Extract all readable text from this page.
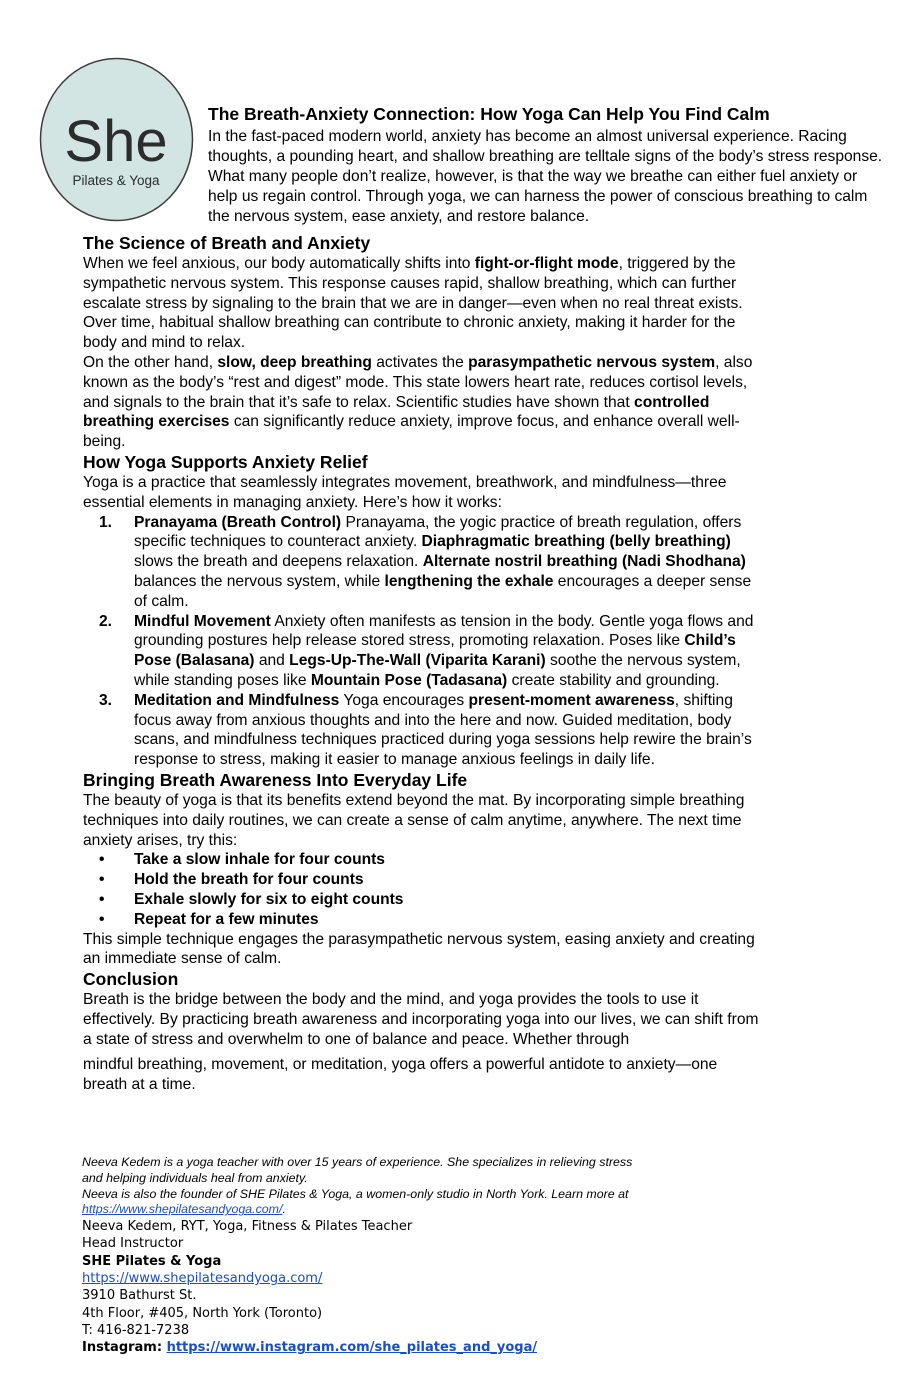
She
Pilates & Yoga
The Breath-Anxiety Connection: How Yoga Can Help You Find Calm

In the fast-paced modern world, anxiety has become an almost universal experience. Racing thoughts, a pounding heart, and shallow breathing are telltale signs of the body’s stress response. What many people don’t realize, however, is that the way we breathe can either fuel anxiety or help us regain control. Through yoga, we can harness the power of conscious breathing to calm the nervous system, ease anxiety, and restore balance.

The Science of Breath and Anxiety

When we feel anxious, our body automatically shifts into fight-or-flight mode, triggered by the sympathetic nervous system. This response causes rapid, shallow breathing, which can further escalate stress by signaling to the brain that we are in danger—even when no real threat exists. Over time, habitual shallow breathing can contribute to chronic anxiety, making it harder for the body and mind to relax.

On the other hand, slow, deep breathing activates the parasympathetic nervous system, also known as the body’s “rest and digest” mode. This state lowers heart rate, reduces cortisol levels, and signals to the brain that it’s safe to relax. Scientific studies have shown that controlled breathing exercises can significantly reduce anxiety, improve focus, and enhance overall well-being.

How Yoga Supports Anxiety Relief

Yoga is a practice that seamlessly integrates movement, breathwork, and mindfulness—three essential elements in managing anxiety. Here’s how it works:

1. Pranayama (Breath Control) Pranayama, the yogic practice of breath regulation, offers specific techniques to counteract anxiety. Diaphragmatic breathing (belly breathing) slows the breath and deepens relaxation. Alternate nostril breathing (Nadi Shodhana) balances the nervous system, while lengthening the exhale encourages a deeper sense of calm.
2. Mindful Movement Anxiety often manifests as tension in the body. Gentle yoga flows and grounding postures help release stored stress, promoting relaxation. Poses like Child’s Pose (Balasana) and Legs-Up-The-Wall (Viparita Karani) soothe the nervous system, while standing poses like Mountain Pose (Tadasana) create stability and grounding.
3. Meditation and Mindfulness Yoga encourages present-moment awareness, shifting focus away from anxious thoughts and into the here and now. Guided meditation, body scans, and mindfulness techniques practiced during yoga sessions help rewire the brain’s response to stress, making it easier to manage anxious feelings in daily life.
Bringing Breath Awareness Into Everyday Life

The beauty of yoga is that its benefits extend beyond the mat. By incorporating simple breathing techniques into daily routines, we can create a sense of calm anytime, anywhere. The next time anxiety arises, try this:

• Take a slow inhale for four counts
• Hold the breath for four counts
• Exhale slowly for six to eight counts
• Repeat for a few minutes

This simple technique engages the parasympathetic nervous system, easing anxiety and creating an immediate sense of calm.

Conclusion

Breath is the bridge between the body and the mind, and yoga provides the tools to use it effectively. By practicing breath awareness and incorporating yoga into our lives, we can shift from a state of stress and overwhelm to one of balance and peace. Whether through

mindful breathing, movement, or meditation, yoga offers a powerful antidote to anxiety—one breath at a time.

Neeva Kedem is a yoga teacher with over 15 years of experience. She specializes in relieving stress and helping individuals heal from anxiety.

Neeva is also the founder of SHE Pilates & Yoga, a women-only studio in North York. Learn more at https://www.shepilatesandyoga.com/.

Neeva Kedem, RYT, Yoga, Fitness & Pilates Teacher

Head Instructor

SHE Pilates & Yoga

https://www.shepilatesandyoga.com/

3910 Bathurst St.

4th Floor, #405, North York (Toronto)

T: 416-821-7238

Instagram: https://www.instagram.com/she_pilates_and_yoga/
